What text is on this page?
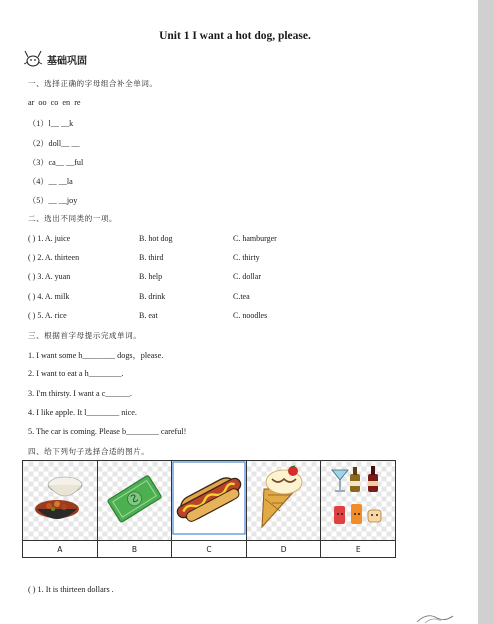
Unit 1 I want a hot dog, please.
基础巩固
一、选择正确的字母组合补全单词。
ar oo co en re
（1）l__ __k
（2）doll__ __
（3）ca__ __ful
（4）__ __la
（5）__ __joy
二、选出不同类的一项。
( ) 1. A. juice	B. hot dog	C. hamburger
( ) 2. A. thirteen	B. third	C. thirty
( ) 3. A. yuan	B. help	C. dollar
( ) 4. A. milk	B. drink	C.tea
( ) 5. A. rice	B. eat	C. noodles
三、根据首字母提示完成单词。
1. I want some h________ dogs，please.
2. I want to eat a h________.
3. I'm thirsty. I want a c______.
4. I like apple. It l________ nice.
5. The car is coming. Please b________ careful!
四、给下列句子选择合适的图片。

A	B	C	D	E
( ) 1. It is thirteen dollars .
